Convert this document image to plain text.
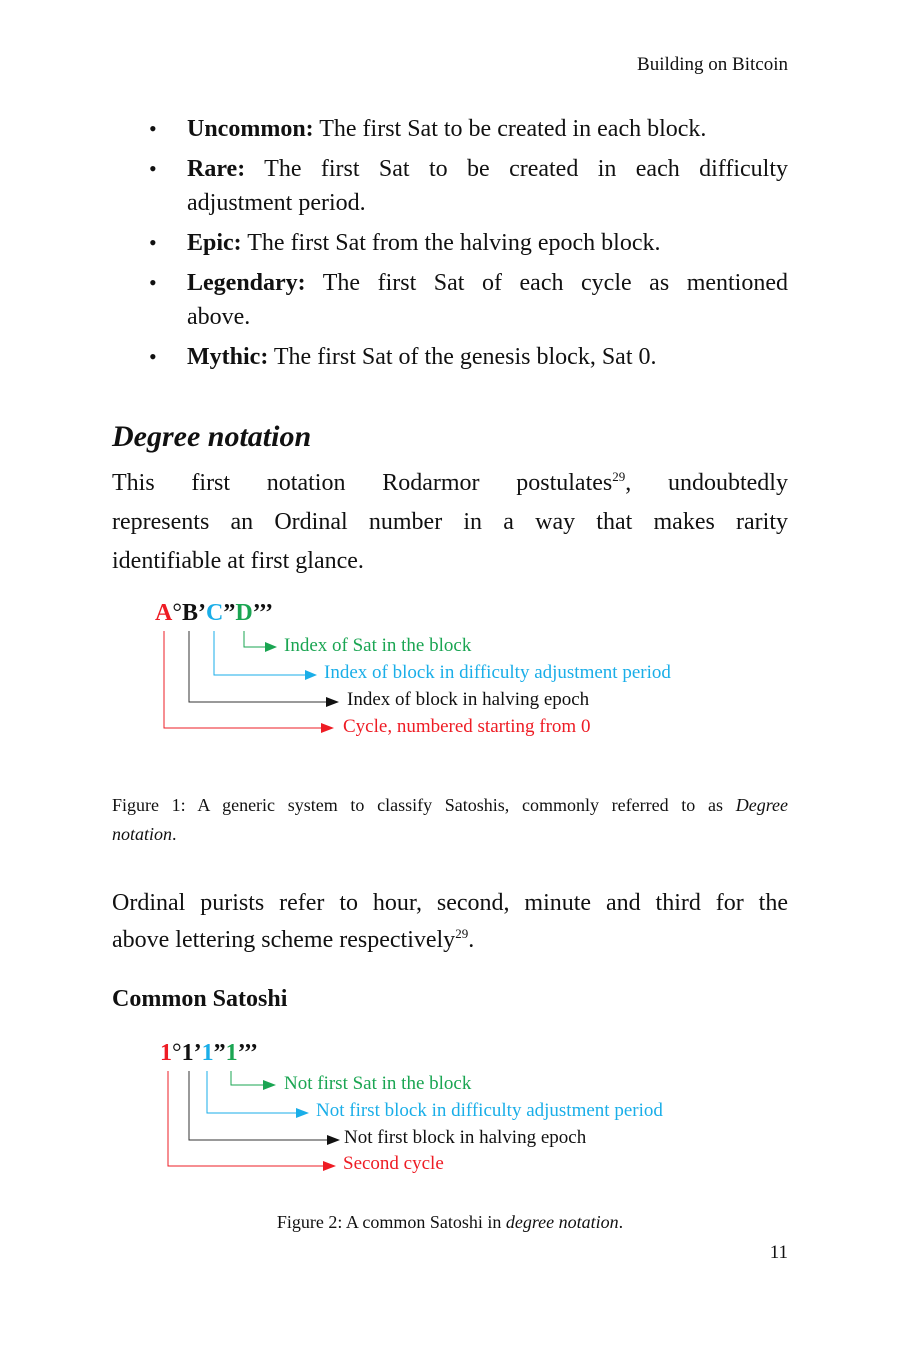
Building on Bitcoin
• Uncommon: The first Sat to be created in each block.
• Rare: The first Sat to be created in each difficulty
adjustment period.
• Epic: The first Sat from the halving epoch block.
• Legendary: The first Sat of each cycle as mentioned
above.
• Mythic: The first Sat of the genesis block, Sat 0.
Degree notation
This first notation Rodarmor postulates$^{29}$, undoubtedly
represents an Ordinal number in a way that makes rarity
identifiable at first glance.
A°B’C”D’’’
Index of Sat in the block
Index of block in difficulty adjustment period
Index of block in halving epoch
Cycle, numbered starting from 0
Figure 1: A generic system to classify Satoshis, commonly referred to as Degree
notation.
Ordinal purists refer to hour, second, minute and third for the
above lettering scheme respectively$^{29}$.
Common Satoshi
1°1’1”1’’’
Not first Sat in the block
Not first block in difficulty adjustment period
Not first block in halving epoch
Second cycle
Figure 2: A common Satoshi in degree notation.
11
